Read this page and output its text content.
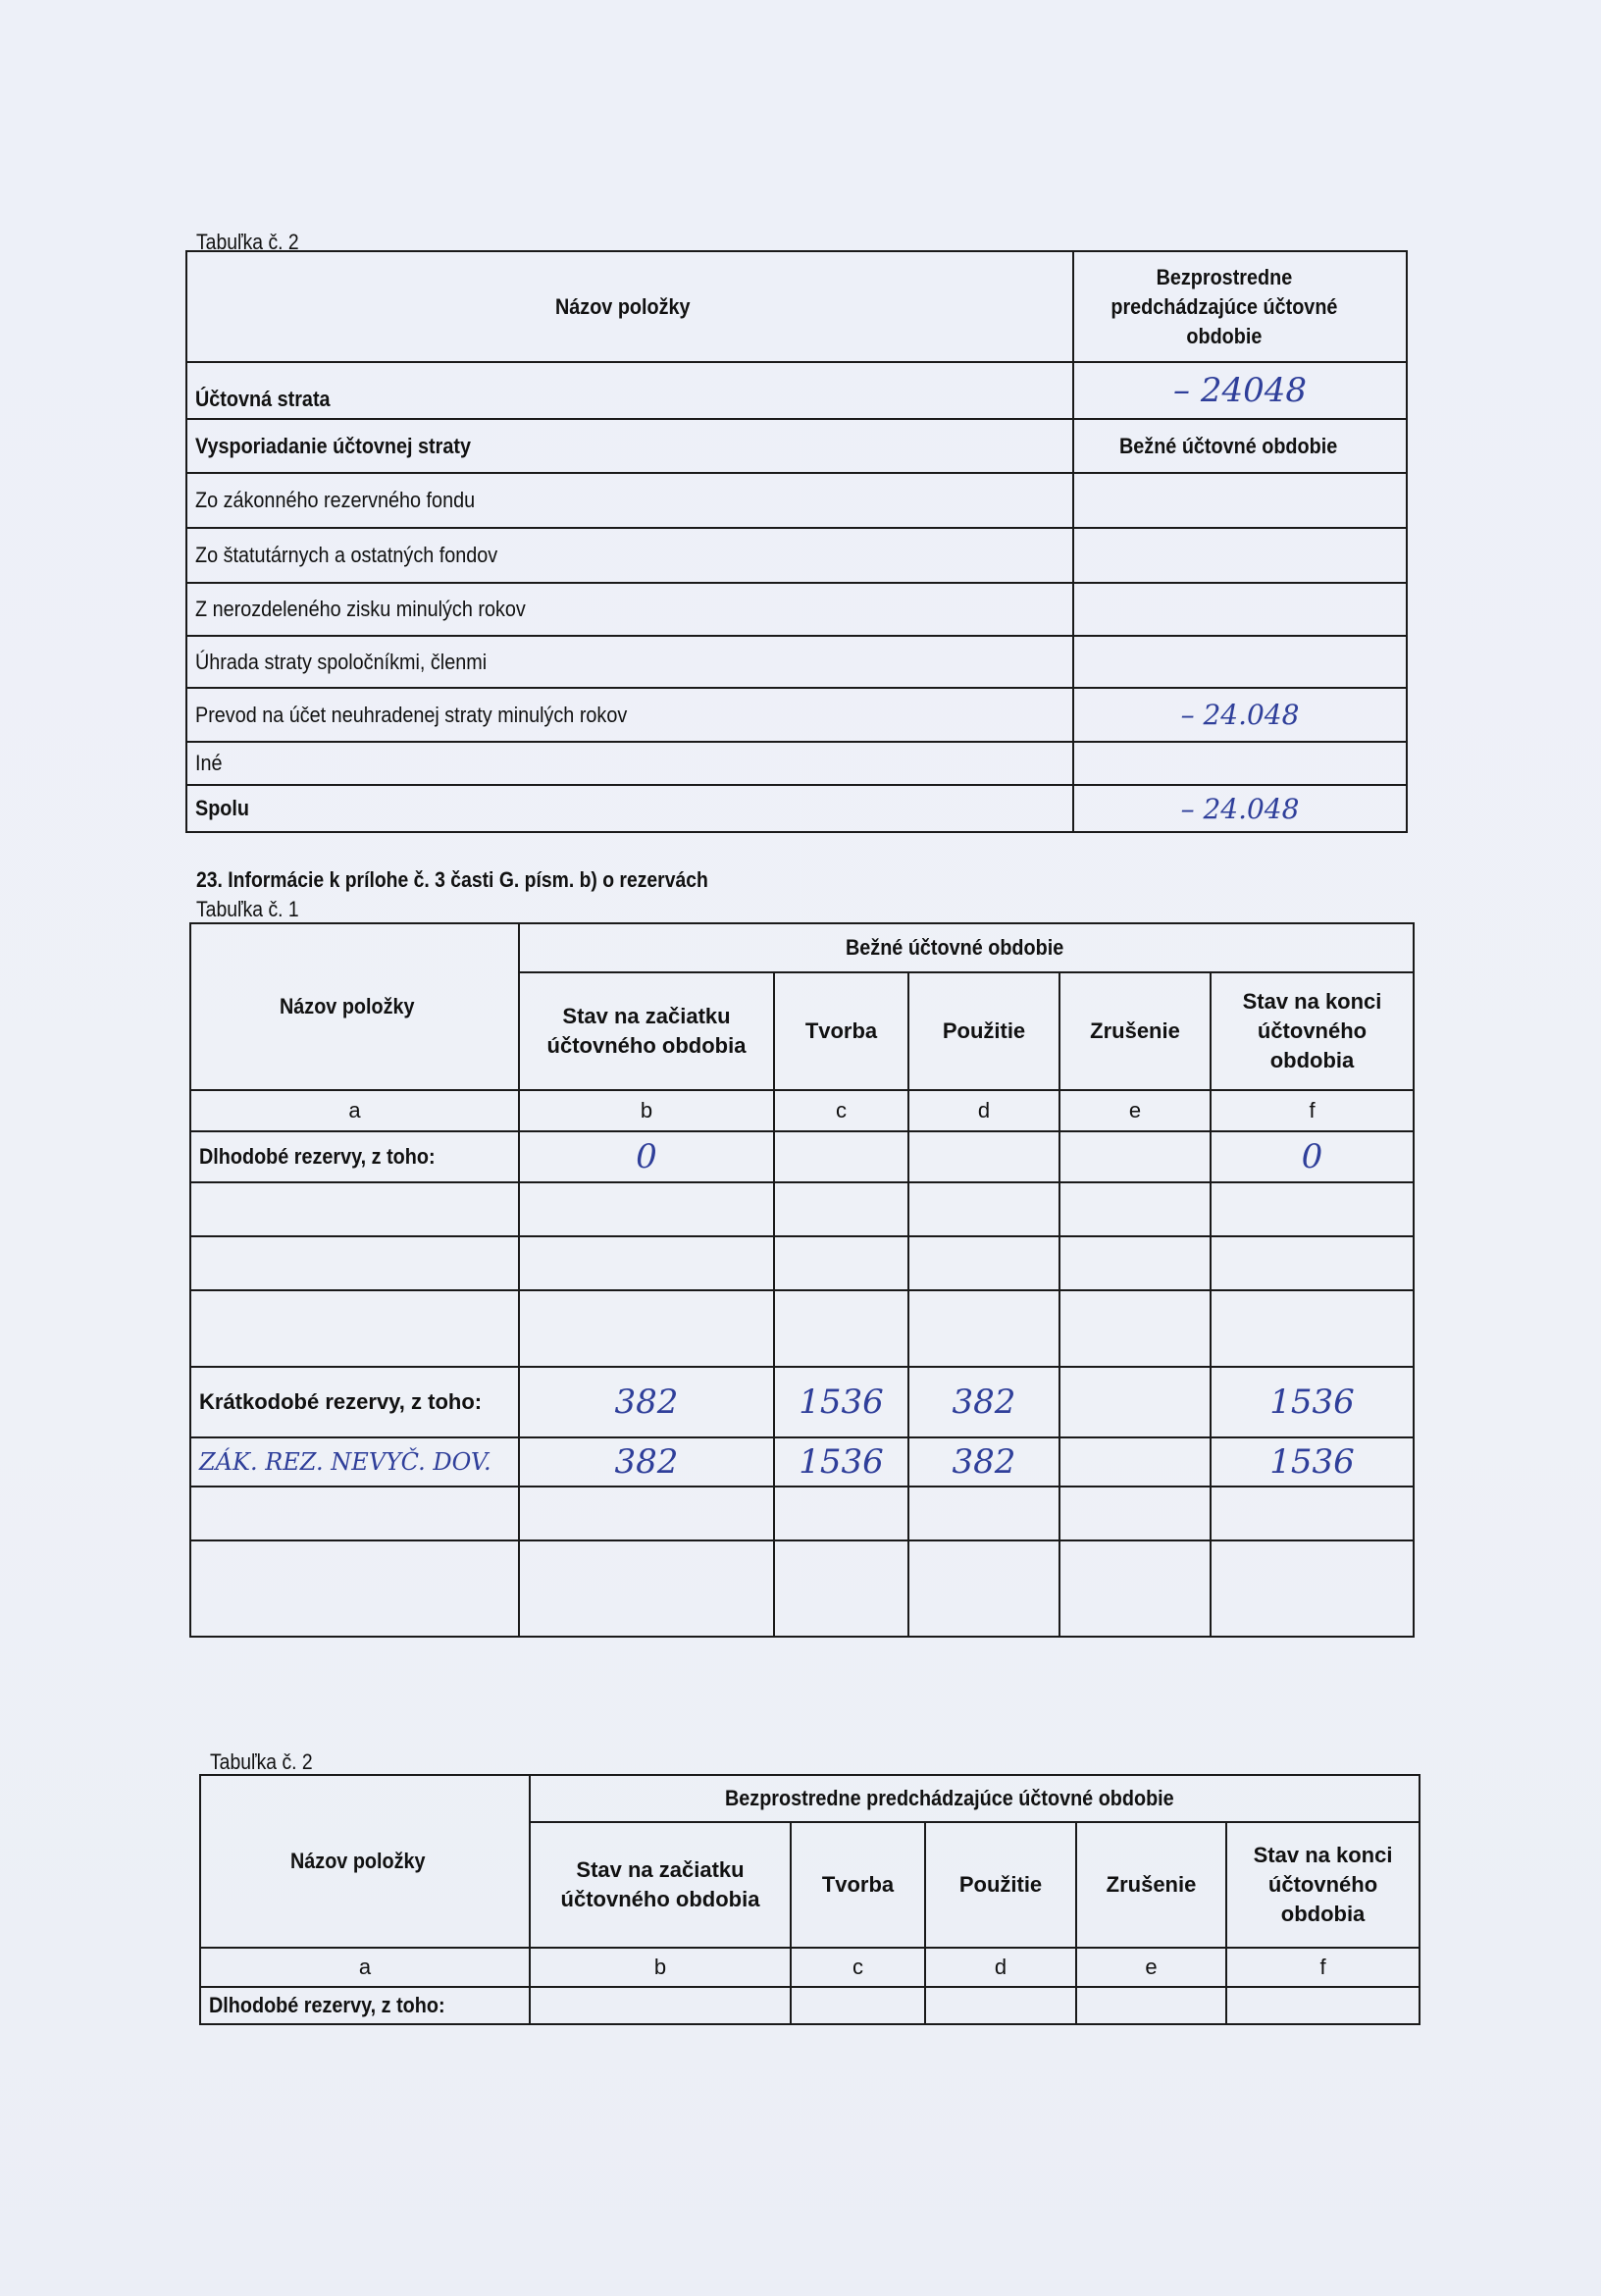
Tabuľka č. 2
Názov položky	Bezprostredne predchádzajúce účtovné obdobie
Účtovná strata	– 24048
Vysporiadanie účtovnej straty	Bežné účtovné obdobie
Zo zákonného rezervného fondu	
Zo štatutárnych a ostatných fondov	
Z nerozdeleného zisku minulých rokov	
Úhrada straty spoločníkmi, členmi	
Prevod na účet neuhradenej straty minulých rokov	– 24.048
Iné	
Spolu	– 24.048
23. Informácie k prílohe č. 3 časti G. písm. b) o rezervách
Tabuľka č. 1
Názov položky	Bežné účtovné obdobie				
	Stav na začiatku účtovného obdobia	Tvorba	Použitie	Zrušenie	Stav na konci účtovného obdobia
a	b	c	d	e	f
Dlhodobé rezervy, z toho:	0				0

Krátkodobé rezervy, z toho:	382	1536	382		1536
ZÁK. REZ. NEVYČ. DOV.	382	1536	382		1536

Tabuľka č. 2
Názov položky	Bezprostredne predchádzajúce účtovné obdobie				
	Stav na začiatku účtovného obdobia	Tvorba	Použitie	Zrušenie	Stav na konci účtovného obdobia
a	b	c	d	e	f
Dlhodobé rezervy, z toho:					
